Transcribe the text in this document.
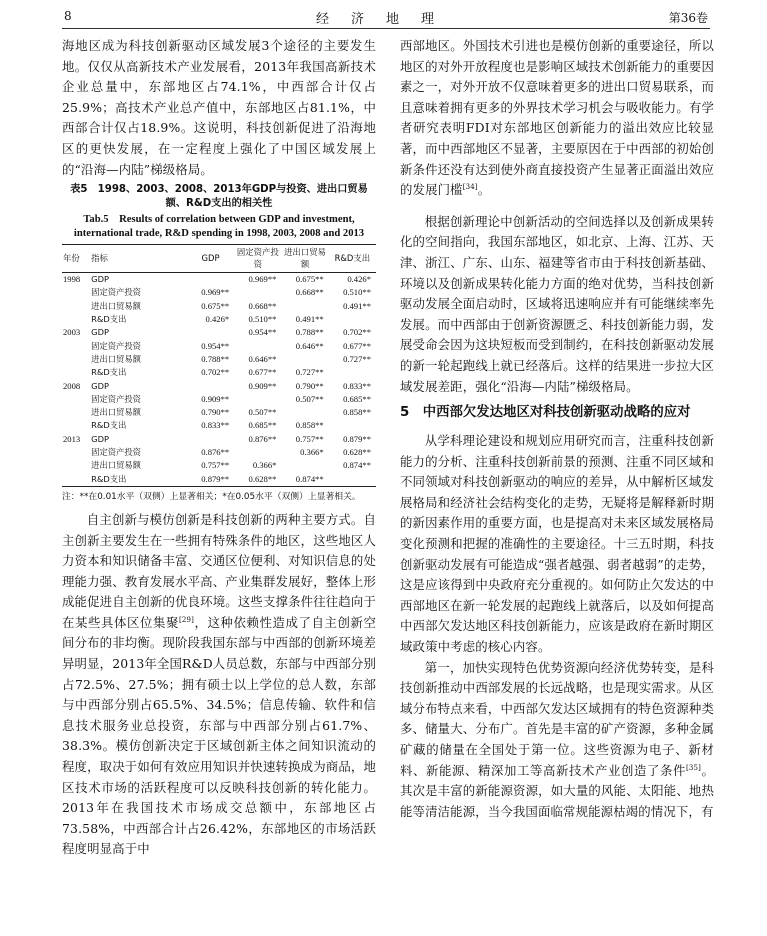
8	经济地理	第36卷

海地区成为科技创新驱动区域发展3个途径的主要发生地。仅仅从高新技术产业发展看，2013年我国高新技术企业总量中，东部地区占74.1%，中西部合计仅占25.9%；高技术产业总产值中，东部地区占81.1%，中西部合计仅占18.9%。这说明，科技创新促进了沿海地区的更快发展，在一定程度上强化了中国区域发展上的“沿海—内陆”梯级格局。

表5　1998、2003、2008、2013年GDP与投资、进出口贸易额、R&D支出的相关性
Tab.5　Results of correlation between GDP and investment, international trade, R&D spending in 1998, 2003, 2008 and 2013
年份	指标	GDP	固定资产投资	进出口贸易额	R&D支出
1998	GDP		0.969**	0.675**	0.426*
	固定资产投资	0.969**		0.668**	0.510**
	进出口贸易额	0.675**	0.668**		0.491**
	R&D支出	0.426*	0.510**	0.491**	
2003	GDP		0.954**	0.788**	0.702**
	固定资产投资	0.954**		0.646**	0.677**
	进出口贸易额	0.788**	0.646**		0.727**
	R&D支出	0.702**	0.677**	0.727**	
2008	GDP		0.909**	0.790**	0.833**
	固定资产投资	0.909**		0.507**	0.685**
	进出口贸易额	0.790**	0.507**		0.858**
	R&D支出	0.833**	0.685**	0.858**	
2013	GDP		0.876**	0.757**	0.879**
	固定资产投资	0.876**		0.366*	0.628**
	进出口贸易额	0.757**	0.366*		0.874**
	R&D支出	0.879**	0.628**	0.874**	
注：**在0.01水平（双侧）上显著相关；*在0.05水平（双侧）上显著相关。

自主创新与模仿创新是科技创新的两种主要方式。自主创新主要发生在一些拥有特殊条件的地区，这些地区人力资本和知识储备丰富、交通区位便利、对知识信息的处理能力强、教育发展水平高、产业集群发展好，整体上形成能促进自主创新的优良环境。这些支撑条件往往趋向于在某些具体区位集聚[29]，这种依赖性造成了自主创新空间分布的非均衡。现阶段我国东部与中西部的创新环境差异明显，2013年全国R&D人员总数，东部与中西部分别占72.5%、27.5%；拥有硕士以上学位的总人数，东部与中西部分别占65.5%、34.5%；信息传输、软件和信息技术服务业总投资，东部与中西部分别占61.7%、38.3%。模仿创新决定于区域创新主体之间知识流动的程度，取决于如何有效应用知识并快速转换成为商品，地区技术市场的活跃程度可以反映科技创新的转化能力。2013年在我国技术市场成交总额中，东部地区占73.58%，中西部合计占26.42%，东部地区的市场活跃程度明显高于中

西部地区。外国技术引进也是模仿创新的重要途径，所以地区的对外开放程度也是影响区域技术创新能力的重要因素之一，对外开放不仅意味着更多的进出口贸易联系，而且意味着拥有更多的外界技术学习机会与吸收能力。有学者研究表明FDI对东部地区创新能力的溢出效应比较显著，而中西部地区不显著，主要原因在于中西部的初始创新条件还没有达到使外商直接投资产生显著正面溢出效应的发展门槛[34]。

根据创新理论中创新活动的空间选择以及创新成果转化的空间指向，我国东部地区，如北京、上海、江苏、天津、浙江、广东、山东、福建等省市由于科技创新基础、环境以及创新成果转化能力方面的绝对优势，当科技创新驱动发展全面启动时，区域将迅速响应并有可能继续率先发展。而中西部由于创新资源匮乏、科技创新能力弱，发展受命会因为这块短板而受到制约，在科技创新驱动发展的新一轮起跑线上就已经落后。这样的结果进一步拉大区域发展差距，强化“沿海—内陆”梯级格局。

5　中西部欠发达地区对科技创新驱动战略的应对

从学科理论建设和规划应用研究而言，注重科技创新能力的分析、注重科技创新前景的预测、注重不同区域和不同领域对科技创新驱动的响应的差异，从中解析区域发展格局和经济社会结构变化的走势，无疑将是解释新时期的新因素作用的重要方面，也是提高对未来区域发展格局变化预测和把握的准确性的主要途径。十三五时期，科技创新驱动发展有可能造成“强者越强、弱者越弱”的走势，这是应该得到中央政府充分重视的。如何防止欠发达的中西部地区在新一轮发展的起跑线上就落后，以及如何提高中西部欠发达地区科技创新能力，应该是政府在新时期区域政策中考虑的核心内容。

第一，加快实现特色优势资源向经济优势转变，是科技创新推动中西部发展的长远战略，也是现实需求。从区域分布特点来看，中西部欠发达区域拥有的特色资源种类多、储量大、分布广。首先是丰富的矿产资源，多种金属矿藏的储量在全国处于第一位。这些资源为电子、新材料、新能源、精深加工等高新技术产业创造了条件[35]。其次是丰富的新能源资源，如大量的风能、太阳能、地热能等清洁能源，当今我国面临常规能源枯竭的情况下，有
